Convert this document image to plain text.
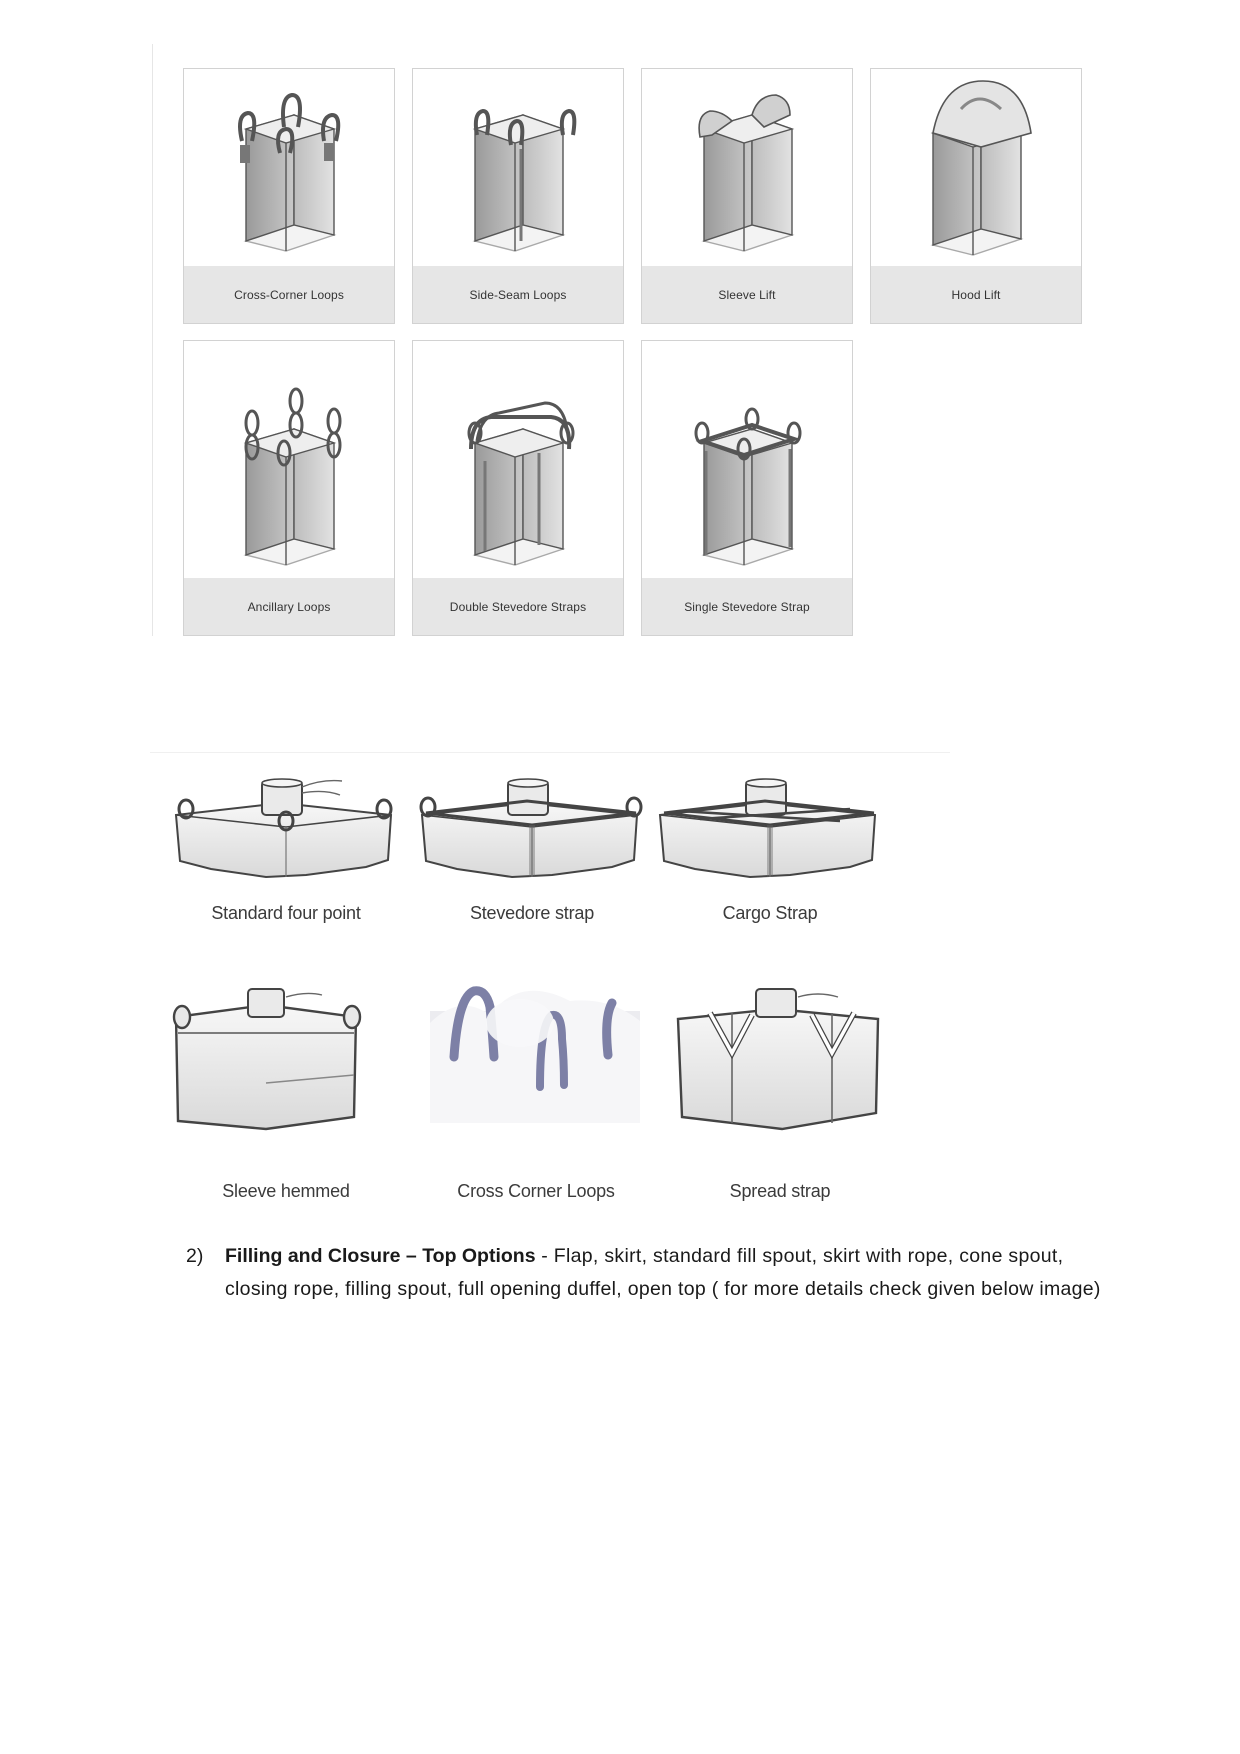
Cross-Corner Loops	Side-Seam Loops	Sleeve Lift	Hood Lift
Ancillary Loops	Double Stevedore Straps	Single Stevedore Strap
Standard four point	Stevedore strap	Cargo Strap
Sleeve hemmed	Cross Corner Loops	Spread strap
2) Filling and Closure – Top Options - Flap, skirt, standard fill spout, skirt with rope, cone spout, closing rope, filling spout, full opening duffel, open top ( for more details check given below image)
